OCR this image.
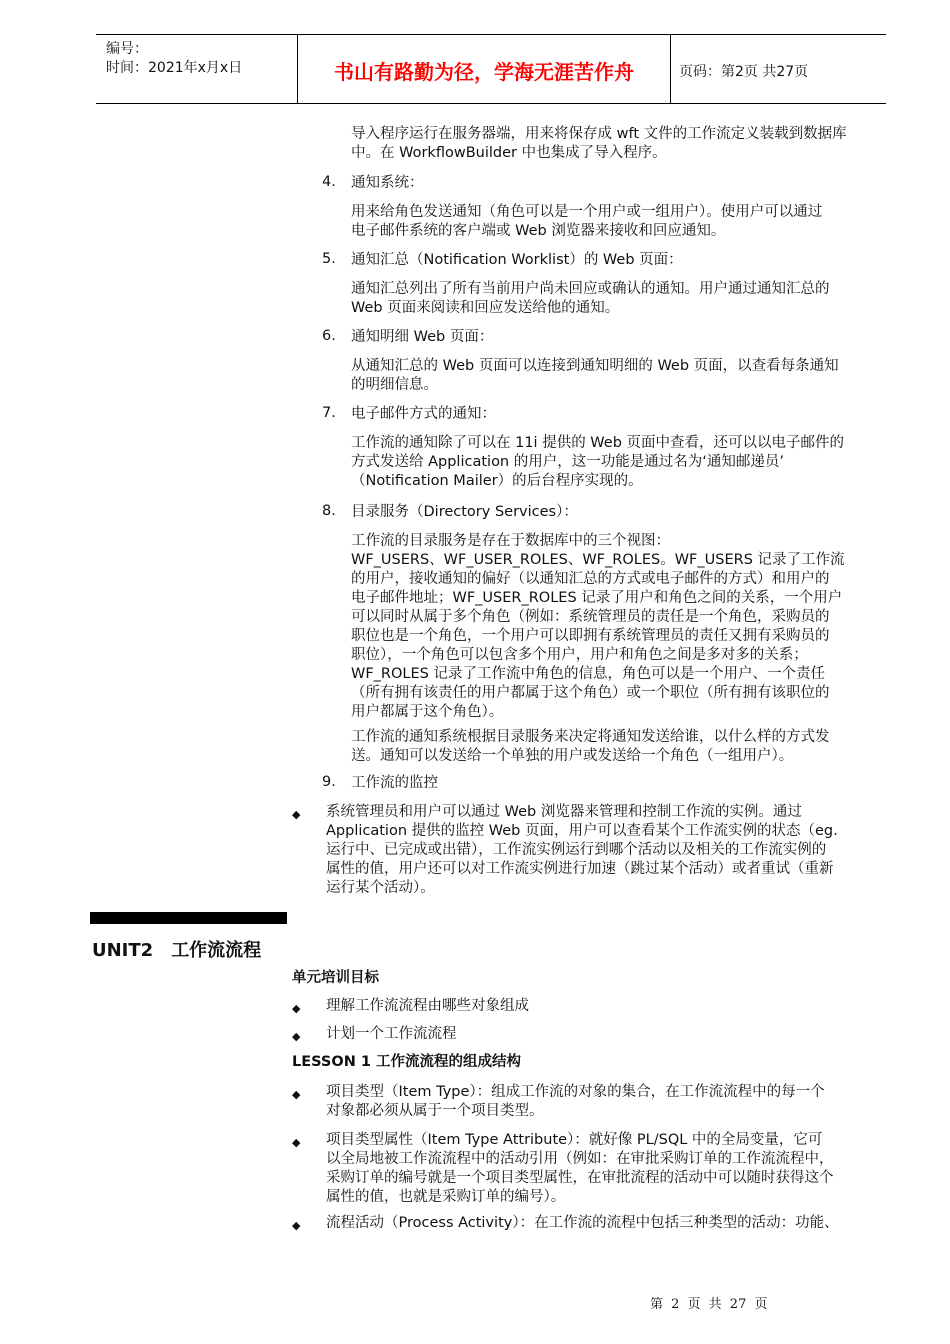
编号：
时间：2021年x月x日	书山有路勤为径，学海无涯苦作舟	页码：第2页 共27页
导入程序运行在服务器端，用来将保存成 wft 文件的工作流定义装载到数据库
中。在 WorkflowBuilder 中也集成了导入程序。
4. 通知系统：
用来给角色发送通知（角色可以是一个用户或一组用户）。使用户可以通过
电子邮件系统的客户端或 Web 浏览器来接收和回应通知。
5. 通知汇总（Notification Worklist）的 Web 页面：
通知汇总列出了所有当前用户尚未回应或确认的通知。用户通过通知汇总的
Web 页面来阅读和回应发送给他的通知。
6. 通知明细 Web 页面：
从通知汇总的 Web 页面可以连接到通知明细的 Web 页面，以查看每条通知
的明细信息。
7. 电子邮件方式的通知：
工作流的通知除了可以在 11i 提供的 Web 页面中查看，还可以以电子邮件的
方式发送给 Application 的用户，这一功能是通过名为‘通知邮递员’
（Notification Mailer）的后台程序实现的。
8. 目录服务（Directory Services）：
工作流的目录服务是存在于数据库中的三个视图：
WF_USERS、WF_USER_ROLES、WF_ROLES。WF_USERS 记录了工作流
的用户，接收通知的偏好（以通知汇总的方式或电子邮件的方式）和用户的
电子邮件地址；WF_USER_ROLES 记录了用户和角色之间的关系，一个用户
可以同时从属于多个角色（例如：系统管理员的责任是一个角色，采购员的
职位也是一个角色，一个用户可以即拥有系统管理员的责任又拥有采购员的
职位），一个角色可以包含多个用户，用户和角色之间是多对多的关系；
WF_ROLES 记录了工作流中角色的信息，角色可以是一个用户、一个责任
（所有拥有该责任的用户都属于这个角色）或一个职位（所有拥有该职位的
用户都属于这个角色）。
工作流的通知系统根据目录服务来决定将通知发送给谁，以什么样的方式发
送。通知可以发送给一个单独的用户或发送给一个角色（一组用户）。
9. 工作流的监控
◆ 系统管理员和用户可以通过 Web 浏览器来管理和控制工作流的实例。通过
Application 提供的监控 Web 页面，用户可以查看某个工作流实例的状态（eg.
运行中、已完成或出错），工作流实例运行到哪个活动以及相关的工作流实例的
属性的值，用户还可以对工作流实例进行加速（跳过某个活动）或者重试（重新
运行某个活动）。
UNIT2 工作流流程
单元培训目标
◆ 理解工作流流程由哪些对象组成
◆ 计划一个工作流流程
LESSON 1 工作流流程的组成结构
◆ 项目类型（Item Type）：组成工作流的对象的集合，在工作流流程中的每一个
对象都必须从属于一个项目类型。
◆ 项目类型属性（Item Type Attribute）：就好像 PL/SQL 中的全局变量，它可
以全局地被工作流流程中的活动引用（例如：在审批采购订单的工作流流程中，
采购订单的编号就是一个项目类型属性，在审批流程的活动中可以随时获得这个
属性的值，也就是采购订单的编号）。
◆ 流程活动（Process Activity）：在工作流的流程中包括三种类型的活动：功能、
第 2 页 共 27 页
